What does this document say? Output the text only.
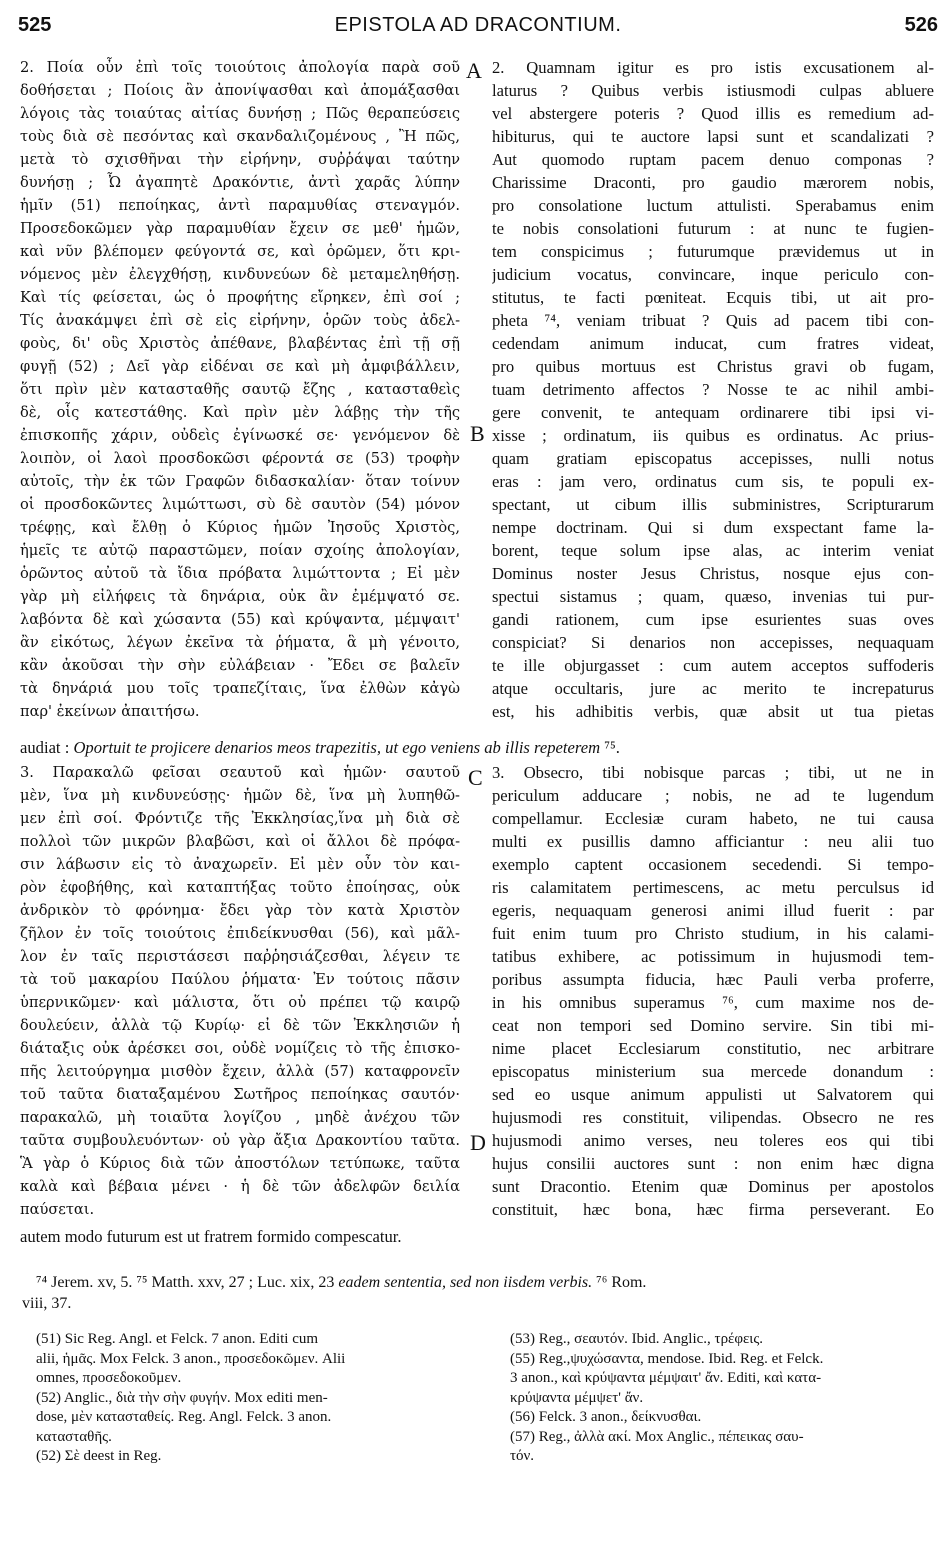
525	EPISTOLA AD DRACONTIUM.	526
2. Ποία οὖν ἐπὶ τοῖς τοιούτοις ἀπολογία παρὰ σοῦ
δοθήσεται ; Ποίοις ἂν ἀπονίψασθαι καὶ ἀπομάξασθαι
λόγοις τὰς τοιαύτας αἰτίας δυνήσῃ ; Πῶς θεραπεύσεις
τοὺς διὰ σὲ πεσόντας καὶ σκανδαλιζομένους , Ἢ πῶς,
μετὰ τὸ σχισθῆναι τὴν εἰρήνην, συῤῥάψαι ταύτην
δυνήσῃ ; Ὦ ἀγαπητὲ Δρακόντιε, ἀντὶ χαρᾶς λύπην
ἡμῖν (51) πεποίηκας, ἀντὶ παραμυθίας στεναγμόν.
Προσεδοκῶμεν γὰρ παραμυθίαν ἔχειν σε μεθ' ἡμῶν,
καὶ νῦν βλέπομεν φεύγοντά σε, καὶ ὁρῶμεν, ὅτι κρι-
νόμενος μὲν ἐλεγχθήσῃ, κινδυνεύων δὲ μεταμεληθήσῃ.
Καὶ τίς φείσεται, ὡς ὁ προφήτης εἴρηκεν, ἐπὶ σοί ;
Τίς ἀνακάμψει ἐπὶ σὲ εἰς εἰρήνην, ὁρῶν τοὺς ἀδελ-
φοὺς, δι' οὓς Χριστὸς ἀπέθανε, βλαβέντας ἐπὶ τῇ σῇ
φυγῇ (52) ; Δεῖ γὰρ εἰδέναι σε καὶ μὴ ἀμφιβάλλειν,
ὅτι πρὶν μὲν κατασταθῆς σαυτῷ ἔζης , κατασταθεὶς
δὲ, οἷς κατεστάθης. Καὶ πρὶν μὲν λάβῃς τὴν τῆς
ἐπισκοπῆς χάριν, οὐδεὶς ἐγίνωσκέ σε· γενόμενον δὲ
λοιπὸν, οἱ λαοὶ προσδοκῶσι φέροντά σε (53) τροφὴν
αὐτοῖς, τὴν ἐκ τῶν Γραφῶν διδασκαλίαν· ὅταν τοίνυν
οἱ προσδοκῶντες λιμώττωσι, σὺ δὲ σαυτὸν (54) μόνον
τρέφῃς, καὶ ἔλθῃ ὁ Κύριος ἡμῶν Ἰησοῦς Χριστὸς,
ἡμεῖς τε αὐτῷ παραστῶμεν, ποίαν σχοίης ἀπολογίαν,
ὁρῶντος αὐτοῦ τὰ ἴδια πρόβατα λιμώττοντα ; Εἰ μὲν
γὰρ μὴ εἰλήφεις τὰ δηνάρια, οὐκ ἂν ἐμέμψατό σε.
λαβόντα δὲ καὶ χώσαντα (55) καὶ κρύψαντα, μέμψαιτ'
ἂν εἰκότως, λέγων ἐκεῖνα τὰ ῥήματα, ἃ μὴ γένοιτο,
κἂν ἀκοῦσαι τὴν σὴν εὐλάβειαν · Ἔδει σε βαλεῖν
τὰ δηνάριά μου τοῖς τραπεζίταις, ἵνα ἐλθὼν κἀγὼ
παρ' ἐκείνων ἀπαιτήσω.
2. Quamnam igitur es pro istis excusationem al-
laturus ? Quibus verbis istiusmodi culpas abluere
vel abstergere poteris ? Quod illis es remedium ad-
hibiturus, qui te auctore lapsi sunt et scandalizati ?
Aut quomodo ruptam pacem denuo componas ?
Charissime Draconti, pro gaudio mærorem nobis,
pro consolatione luctum attulisti. Sperabamus enim
te nobis consolationi futurum : at nunc te fugien-
tem conspicimus ; futurumque prævidemus ut in
judicium vocatus, convincare, inque periculo con-
stitutus, te facti pœniteat. Ecquis tibi, ut ait pro-
pheta ⁷⁴, veniam tribuat ? Quis ad pacem tibi con-
cedendam animum inducat, cum fratres videat,
pro quibus mortuus est Christus gravi ob fugam,
tuam detrimento affectos ? Nosse te ac nihil ambi-
gere convenit, te antequam ordinarere tibi ipsi vi-
xisse ; ordinatum, iis quibus es ordinatus. Ac prius-
quam gratiam episcopatus accepisses, nulli notus
eras : jam vero, ordinatus cum sis, te populi ex-
spectant, ut cibum illis subministres, Scripturarum
nempe doctrinam. Qui si dum exspectant fame la-
borent, teque solum ipse alas, ac interim veniat
Dominus noster Jesus Christus, nosque ejus con-
spectui sistamus ; quam, quæso, invenias tui pur-
gandi rationem, cum ipse esurientes suas oves
conspiciat? Si denarios non accepisses, nequaquam
te ille objurgasset : cum autem acceptos suffoderis
atque occultaris, jure ac merito te increpaturus
est, his adhibitis verbis, quæ absit ut tua pietas
A
B
audiat : Oportuit te projicere denarios meos trapezitis, ut ego veniens ab illis repeterem ⁷⁵.
3. Παρακαλῶ φεῖσαι σεαυτοῦ καὶ ἡμῶν· σαυτοῦ
μὲν, ἵνα μὴ κινδυνεύσῃς· ἡμῶν δὲ, ἵνα μὴ λυπηθῶ-
μεν ἐπὶ σοί. Φρόντιζε τῆς Ἐκκλησίας,ἵνα μὴ διὰ σὲ
πολλοὶ τῶν μικρῶν βλαβῶσι, καὶ οἱ ἄλλοι δὲ πρόφα-
σιν λάβωσιν εἰς τὸ ἀναχωρεῖν. Εἰ μὲν οὖν τὸν και-
ρὸν ἐφοβήθης, καὶ καταπτήξας τοῦτο ἐποίησας, οὐκ
ἀνδρικὸν τὸ φρόνημα· ἔδει γὰρ τὸν κατὰ Χριστὸν
ζῆλον ἐν τοῖς τοιούτοις ἐπιδείκνυσθαι (56), καὶ μᾶλ-
λον ἐν ταῖς περιστάσεσι παῤῥησιάζεσθαι, λέγειν τε
τὰ τοῦ μακαρίου Παύλου ῥήματα· Ἐν τούτοις πᾶσιν
ὑπερνικῶμεν· καὶ μάλιστα, ὅτι οὐ πρέπει τῷ καιρῷ
δουλεύειν, ἀλλὰ τῷ Κυρίῳ· εἰ δὲ τῶν Ἐκκλησιῶν ἡ
διάταξις οὐκ ἀρέσκει σοι, οὐδὲ νομίζεις τὸ τῆς ἐπισκο-
πῆς λειτούργημα μισθὸν ἔχειν, ἀλλὰ (57) καταφρονεῖν
τοῦ ταῦτα διαταξαμένου Σωτῆρος πεποίηκας σαυτόν·
παρακαλῶ, μὴ τοιαῦτα λογίζου , μηδὲ ἀνέχου τῶν
ταῦτα συμβουλευόντων· οὐ γὰρ ἄξια Δρακοντίου ταῦτα.
Ἃ γὰρ ὁ Κύριος διὰ τῶν ἀποστόλων τετύπωκε, ταῦτα
καλὰ καὶ βέβαια μένει · ἡ δὲ τῶν ἀδελφῶν δειλία
παύσεται.
3. Obsecro, tibi nobisque parcas ; tibi, ut ne in
periculum adducare ; nobis, ne ad te lugendum
compellamur. Ecclesiæ curam habeto, ne tui causa
multi ex pusillis damno afficiantur : neu alii tuo
exemplo captent occasionem secedendi. Si tempo-
ris calamitatem pertimescens, ac metu perculsus id
egeris, nequaquam generosi animi illud fuerit : par
fuit enim tuum pro Christo studium, in his calami-
tatibus exhibere, ac potissimum in hujusmodi tem-
poribus assumpta fiducia, hæc Pauli verba proferre,
in his omnibus superamus ⁷⁶, cum maxime nos de-
ceat non tempori sed Domino servire. Sin tibi mi-
nime placet Ecclesiarum constitutio, nec arbitrare
episcopatus ministerium sua mercede donandum :
sed eo usque animum appulisti ut Salvatorem qui
hujusmodi res constituit, vilipendas. Obsecro ne res
hujusmodi animo verses, neu toleres eos qui tibi
hujus consilii auctores sunt : non enim hæc digna
sunt Dracontio. Etenim quæ Dominus per apostolos
constituit, hæc bona, hæc firma perseverant. Eo
C
D
autem modo futurum est ut fratrem formido compescatur.
⁷⁴ Jerem. xv, 5. ⁷⁵ Matth. xxv, 27 ; Luc. xix, 23 eadem sententia, sed non iisdem verbis. ⁷⁶ Rom.
viii, 37.
(51) Sic Reg. Angl. et Felck. 7 anon. Editi cum
alii, ἡμᾶς. Mox Felck. 3 anon., προσεδοκῶμεν. Alii
omnes, προσεδοκοῦμεν.
(52) Anglic., διὰ τὴν σὴν φυγήν. Mox editi men-
dose, μὲν κατασταθείς. Reg. Angl. Felck. 3 anon.
κατασταθῆς.
(52) Σὲ deest in Reg.
(53) Reg., σεαυτόν. Ibid. Anglic., τρέφεις.
(55) Reg.,ψυχώσαντα, mendose. Ibid. Reg. et Felck.
3 anon., καὶ κρύψαντα μέμψαιτ' ἄν. Editi, καὶ κατα-
κρύψαντα μέμψετ' ἄν.
(56) Felck. 3 anon., δείκνυσθαι.
(57) Reg., ἀλλὰ ακί. Mox Anglic., πέπεικας σαυ-
τόν.
